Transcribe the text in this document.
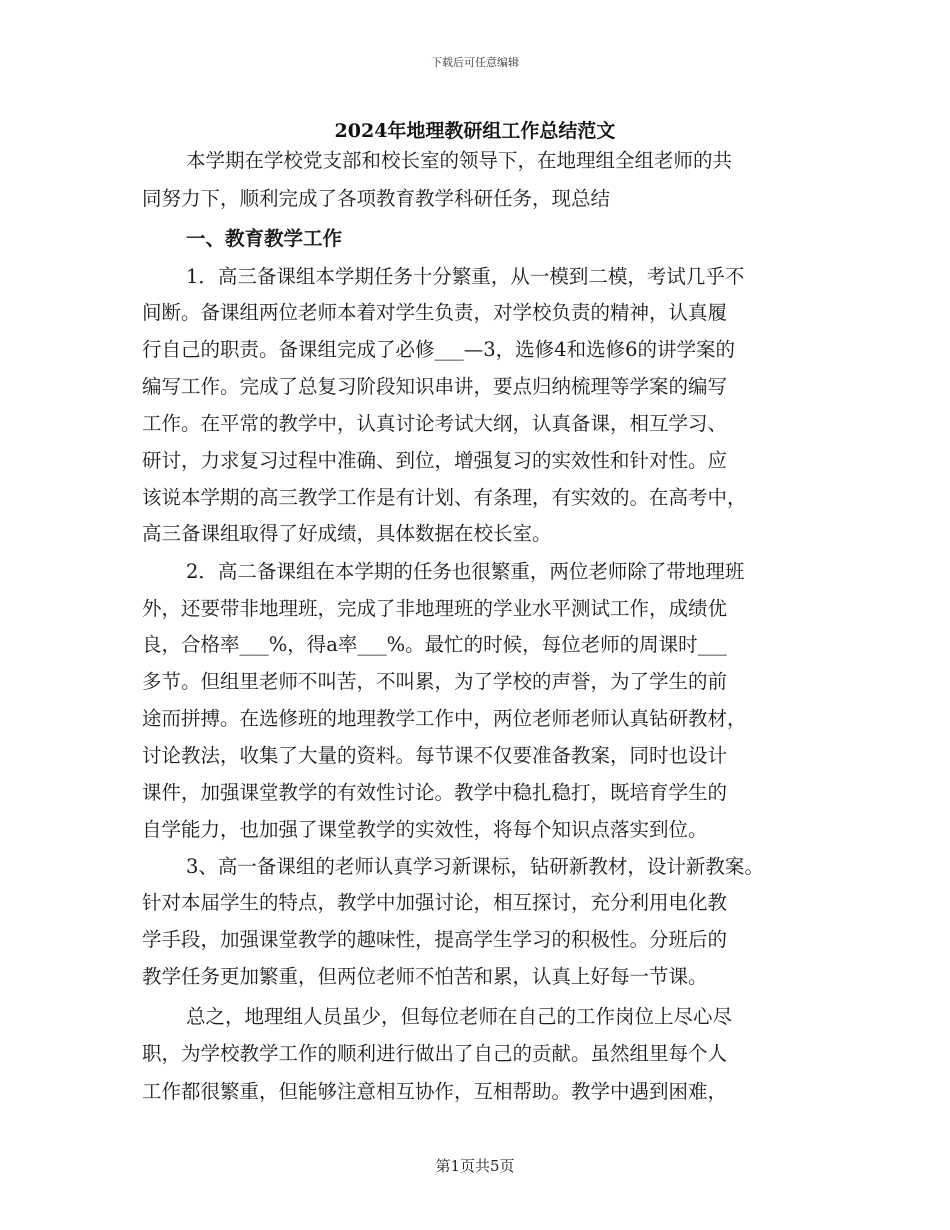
下载后可任意编辑
2024年地理教研组工作总结范文
本学期在学校党支部和校长室的领导下，在地理组全组老师的共
同努力下，顺利完成了各项教育教学科研任务，现总结
一、教育教学工作
1．高三备课组本学期任务十分繁重，从一模到二模，考试几乎不
间断。备课组两位老师本着对学生负责，对学校负责的精神，认真履
行自己的职责。备课组完成了必修___—3，选修4和选修6的讲学案的
编写工作。完成了总复习阶段知识串讲，要点归纳梳理等学案的编写
工作。在平常的教学中，认真讨论考试大纲，认真备课，相互学习、
研讨，力求复习过程中准确、到位，增强复习的实效性和针对性。应
该说本学期的高三教学工作是有计划、有条理，有实效的。在高考中，
高三备课组取得了好成绩，具体数据在校长室。
2．高二备课组在本学期的任务也很繁重，两位老师除了带地理班
外，还要带非地理班，完成了非地理班的学业水平测试工作，成绩优
良，合格率___%，得a率___%。最忙的时候，每位老师的周课时___
多节。但组里老师不叫苦，不叫累，为了学校的声誉，为了学生的前
途而拼搏。在选修班的地理教学工作中，两位老师老师认真钻研教材，
讨论教法，收集了大量的资料。每节课不仅要准备教案，同时也设计
课件，加强课堂教学的有效性讨论。教学中稳扎稳打，既培育学生的
自学能力，也加强了课堂教学的实效性，将每个知识点落实到位。
3、高一备课组的老师认真学习新课标，钻研新教材，设计新教案。
针对本届学生的特点，教学中加强讨论，相互探讨，充分利用电化教
学手段，加强课堂教学的趣味性，提高学生学习的积极性。分班后的
教学任务更加繁重，但两位老师不怕苦和累，认真上好每一节课。
总之，地理组人员虽少，但每位老师在自己的工作岗位上尽心尽
职，为学校教学工作的顺利进行做出了自己的贡献。虽然组里每个人
工作都很繁重，但能够注意相互协作，互相帮助。教学中遇到困难，
第1页共5页
